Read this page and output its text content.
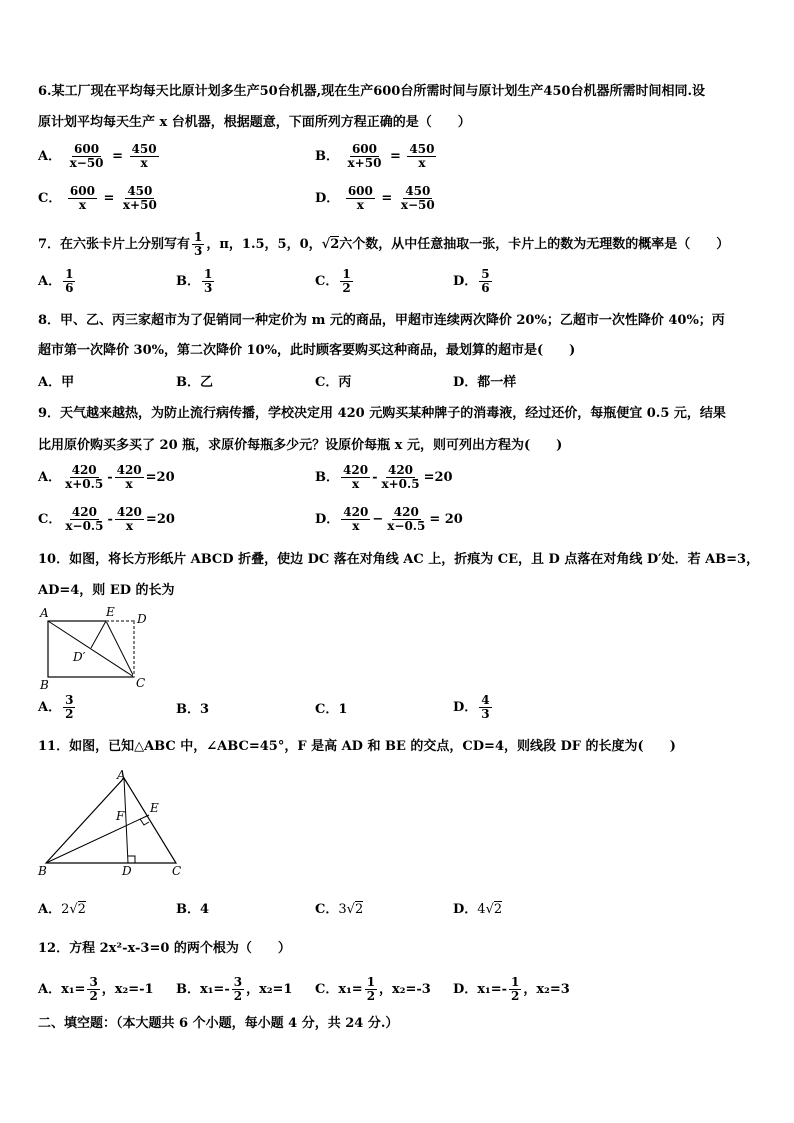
6.某工厂现在平均每天比原计划多生产50台机器,现在生产600台所需时间与原计划生产450台机器所需时间相同.设
原计划平均每天生产 x 台机器，根据题意，下面所列方程正确的是（　　）
A． $\frac{600}{x-50} = \frac{450}{x}$	B． $\frac{600}{x+50} = \frac{450}{x}$
C． $\frac{600}{x} = \frac{450}{x+50}$	D． $\frac{600}{x} = \frac{450}{x-50}$
7．在六张卡片上分别写有 $\frac{1}{3}$ ，π，1.5，5，0，√2六个数，从中任意抽取一张，卡片上的数为无理数的概率是（　　）
A． $\frac{1}{6}$	B． $\frac{1}{3}$	C． $\frac{1}{2}$	D． $\frac{5}{6}$
8．甲、乙、丙三家超市为了促销同一种定价为 m 元的商品，甲超市连续两次降价 20%；乙超市一次性降价 40%；丙
超市第一次降价 30%，第二次降价 10%，此时顾客要购买这种商品，最划算的超市是(　　)
A．甲	B．乙	C．丙	D．都一样
9．天气越来越热，为防止流行病传播，学校决定用 420 元购买某种牌子的消毒液，经过还价，每瓶便宜 0.5 元，结果
比用原价购买多买了 20 瓶，求原价每瓶多少元？设原价每瓶 x 元，则可列出方程为(　　)
A． $\frac{420}{x+0.5} - \frac{420}{x} =20$	B． $\frac{420}{x} - \frac{420}{x+0.5} =20$
C． $\frac{420}{x-0.5} - \frac{420}{x} =20$	D． $\frac{420}{x} - \frac{420}{x-0.5} = 20$
10．如图，将长方形纸片 ABCD 折叠，使边 DC 落在对角线 AC 上，折痕为 CE，且 D 点落在对角线 D′处．若 AB=3，
AD=4，则 ED 的长为
A
B	C
D
E
D′
A． $\frac{3}{2}$	B．3	C．1	D． $\frac{4}{3}$
11．如图，已知△ABC 中，∠ABC=45°，F 是高 AD 和 BE 的交点，CD=4，则线段 DF 的长度为(　　)
A
B	C
D
E
F
A．2√2	B．4	C．3√2	D．4√2
12．方程 2x²-x-3=0 的两个根为（　　）
A．$x_1= \frac{3}{2}$ ，x₂=-1 B．$x_1=- \frac{3}{2}$ ，x₂=1 C．$x_1= \frac{1}{2}$ ，x₂=-3 D．$x_1=- \frac{1}{2}$ ，x₂=3
二、填空题：（本大题共 6 个小题，每小题 4 分，共 24 分.）
